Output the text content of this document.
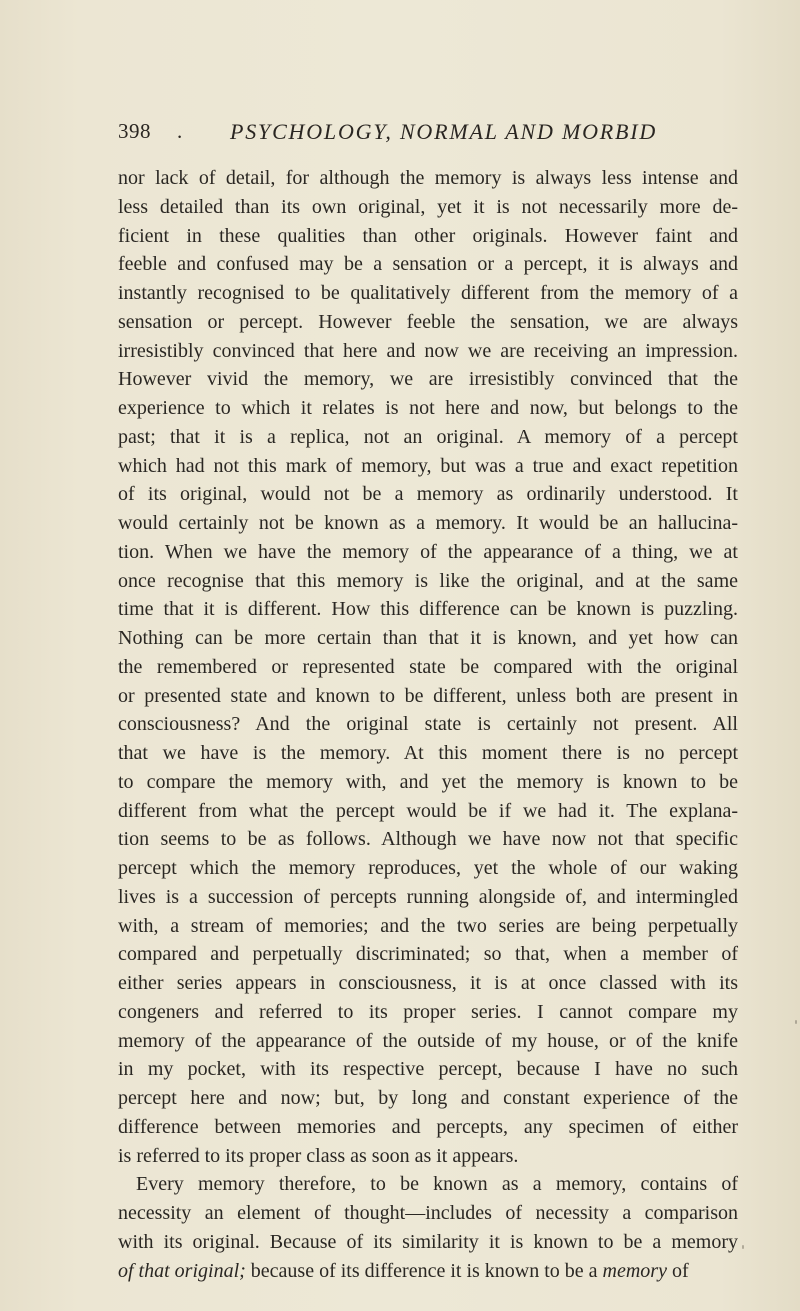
398 . PSYCHOLOGY, NORMAL AND MORBID
nor lack of detail, for although the memory is always less intense and
less detailed than its own original, yet it is not necessarily more de-
ficient in these qualities than other originals. However faint and
feeble and confused may be a sensation or a percept, it is always and
instantly recognised to be qualitatively different from the memory of a
sensation or percept. However feeble the sensation, we are always
irresistibly convinced that here and now we are receiving an impression.
However vivid the memory, we are irresistibly convinced that the
experience to which it relates is not here and now, but belongs to the
past; that it is a replica, not an original. A memory of a percept
which had not this mark of memory, but was a true and exact repetition
of its original, would not be a memory as ordinarily understood. It
would certainly not be known as a memory. It would be an hallucina-
tion. When we have the memory of the appearance of a thing, we at
once recognise that this memory is like the original, and at the same
time that it is different. How this difference can be known is puzzling.
Nothing can be more certain than that it is known, and yet how can
the remembered or represented state be compared with the original
or presented state and known to be different, unless both are present in
consciousness? And the original state is certainly not present. All
that we have is the memory. At this moment there is no percept
to compare the memory with, and yet the memory is known to be
different from what the percept would be if we had it. The explana-
tion seems to be as follows. Although we have now not that specific
percept which the memory reproduces, yet the whole of our waking
lives is a succession of percepts running alongside of, and intermingled
with, a stream of memories; and the two series are being perpetually
compared and perpetually discriminated; so that, when a member of
either series appears in consciousness, it is at once classed with its
congeners and referred to its proper series. I cannot compare my
memory of the appearance of the outside of my house, or of the knife
in my pocket, with its respective percept, because I have no such
percept here and now; but, by long and constant experience of the
difference between memories and percepts, any specimen of either
is referred to its proper class as soon as it appears.
Every memory therefore, to be known as a memory, contains of
necessity an element of thought—includes of necessity a comparison
with its original. Because of its similarity it is known to be a memory
of that original; because of its difference it is known to be a memory of
